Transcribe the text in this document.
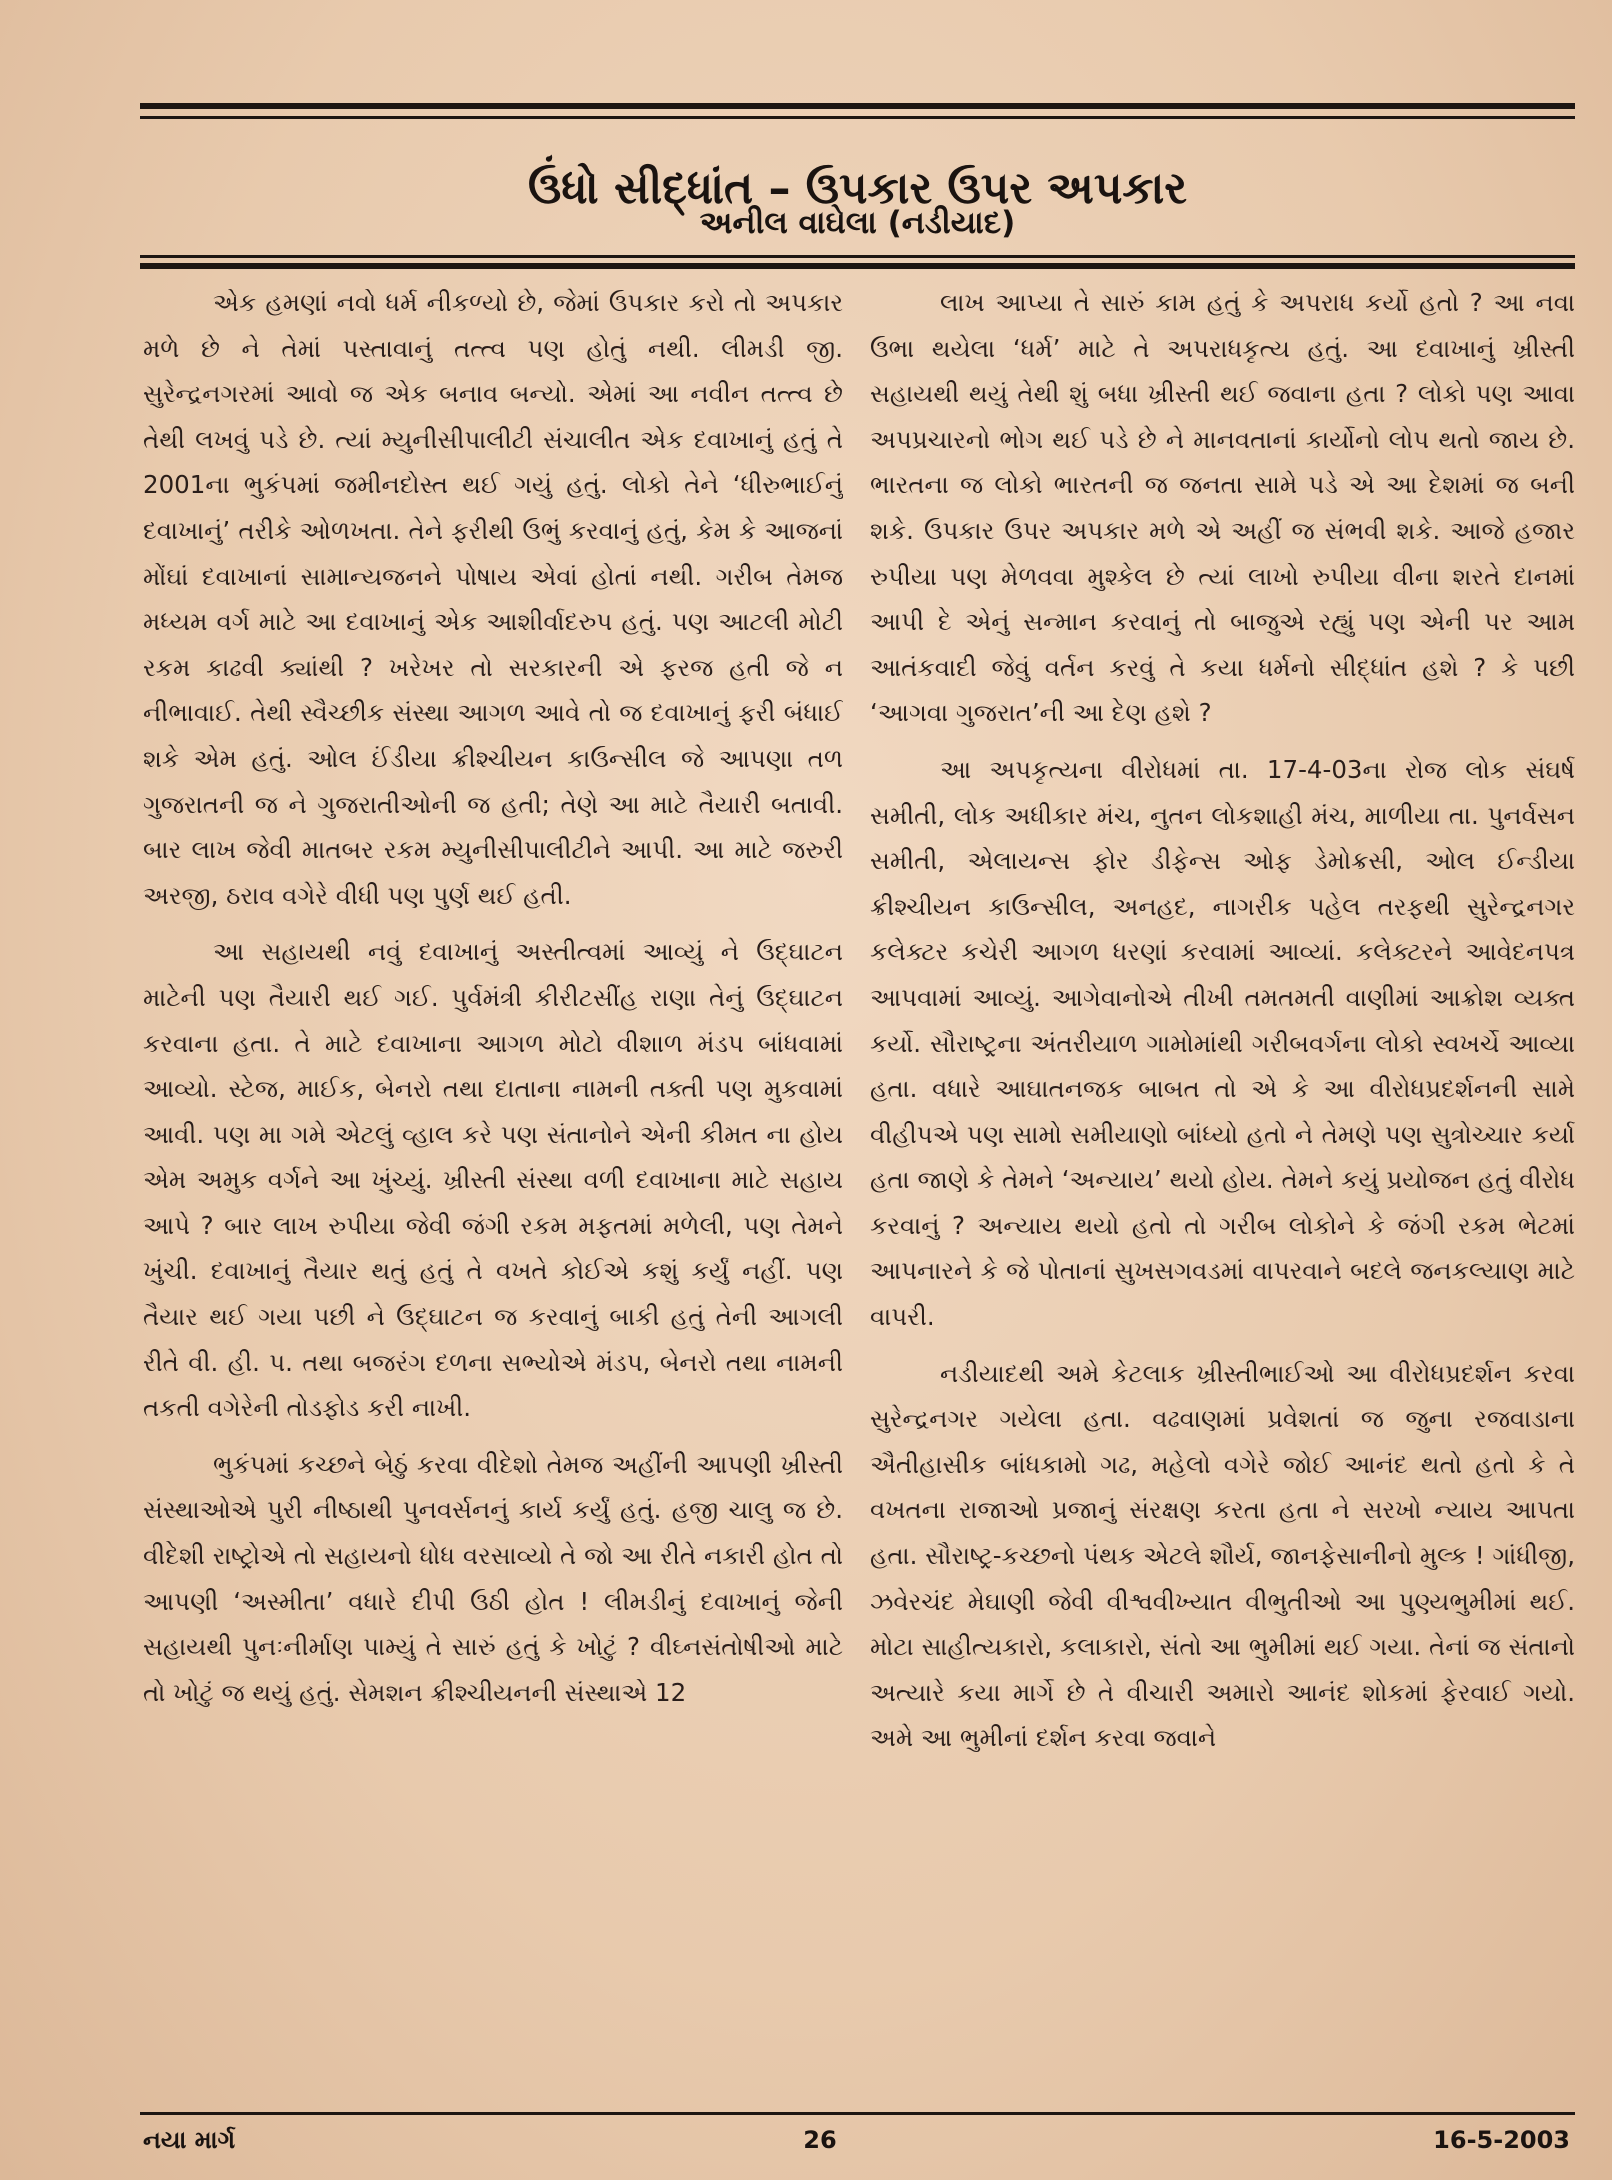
ઉંધો સીદ્ધાંત – ઉપકાર ઉપર અપકાર
અનીલ વાઘેલા (નડીયાદ)

એક હમણાં નવો ધર્મ નીકળ્યો છે, જેમાં ઉપકાર કરો તો અપકાર મળે છે ને તેમાં પસ્તાવાનું તત્ત્વ પણ હોતું નથી. લીમડી જી. સુરેન્દ્રનગરમાં આવો જ એક બનાવ બન્યો. એમાં આ નવીન તત્ત્વ છે તેથી લખવું પડે છે. ત્યાં મ્યુનીસીપાલીટી સંચાલીત એક દવાખાનું હતું તે 2001ના ભુકંપમાં જમીનદોસ્ત થઈ ગયું હતું. લોકો તેને ‘ધીરુભાઈનું દવાખાનું’ તરીકે ઓળખતા. તેને ફરીથી ઉભું કરવાનું હતું, કેમ કે આજનાં મોંઘાં દવાખાનાં સામાન્યજનને પોષાય એવાં હોતાં નથી. ગરીબ તેમજ મધ્યમ વર્ગ માટે આ દવાખાનું એક આશીર્વાદરુપ હતું. પણ આટલી મોટી રકમ કાઢવી ક્યાંથી ? ખરેખર તો સરકારની એ ફરજ હતી જે ન નીભાવાઈ. તેથી સ્વૈચ્છીક સંસ્થા આગળ આવે તો જ દવાખાનું ફરી બંધાઈ શકે એમ હતું. ઓલ ઈંડીયા ક્રીશ્ચીયન કાઉન્સીલ જે આપણા તળ ગુજરાતની જ ને ગુજરાતીઓની જ હતી; તેણે આ માટે તૈયારી બતાવી. બાર લાખ જેવી માતબર રકમ મ્યુનીસીપાલીટીને આપી. આ માટે જરુરી અરજી, ઠરાવ વગેરે વીધી પણ પુર્ણ થઈ હતી.

આ સહાયથી નવું દવાખાનું અસ્તીત્વમાં આવ્યું ને ઉદ્ઘાટન માટેની પણ તૈયારી થઈ ગઈ. પુર્વમંત્રી કીરીટસીંહ રાણા તેનું ઉદ્ઘાટન કરવાના હતા. તે માટે દવાખાના આગળ મોટો વીશાળ મંડપ બાંધવામાં આવ્યો. સ્ટેજ, માઈક, બેનરો તથા દાતાના નામની તક્તી પણ મુકવામાં આવી. પણ મા ગમે એટલું વ્હાલ કરે પણ સંતાનોને એની કીમત ના હોય એમ અમુક વર્ગને આ ખુંચ્યું. ખ્રીસ્તી સંસ્થા વળી દવાખાના માટે સહાય આપે ? બાર લાખ રુપીયા જેવી જંગી રકમ મફતમાં મળેલી, પણ તેમને ખુંચી. દવાખાનું તૈયાર થતું હતું તે વખતે કોઈએ કશું કર્યું નહીં. પણ તૈયાર થઈ ગયા પછી ને ઉદ્ઘાટન જ કરવાનું બાકી હતું તેની આગલી રીતે વી. હી. પ. તથા બજરંગ દળના સભ્યોએ મંડપ, બેનરો તથા નામની તકતી વગેરેની તોડફોડ કરી નાખી.

ભુકંપમાં કચ્છને બેઠું કરવા વીદેશો તેમજ અહીંની આપણી ખ્રીસ્તી સંસ્થાઓએ પુરી નીષ્ઠાથી પુનવર્સનનું કાર્ય કર્યું હતું. હજી ચાલુ જ છે. વીદેશી રાષ્ટ્રોએ તો સહાયનો ધોધ વરસાવ્યો તે જો આ રીતે નકારી હોત તો આપણી ‘અસ્મીતા’ વધારે દીપી ઉઠી હોત ! લીમડીનું દવાખાનું જેની સહાયથી પુનઃનીર્માણ પામ્યું તે સારું હતું કે ખોટું ? વીઘ્નસંતોષીઓ માટે તો ખોટું જ થયું હતું. સેમશન ક્રીશ્ચીયનની સંસ્થાએ 12

લાખ આપ્યા તે સારું કામ હતું કે અપરાધ કર્યો હતો ? આ નવા ઉભા થયેલા ‘ધર્મ’ માટે તે અપરાધકૃત્ય હતું. આ દવાખાનું ખ્રીસ્તી સહાયથી થયું તેથી શું બધા ખ્રીસ્તી થઈ જવાના હતા ? લોકો પણ આવા અપપ્રચારનો ભોગ થઈ પડે છે ને માનવતાનાં કાર્યોનો લોપ થતો જાય છે. ભારતના જ લોકો ભારતની જ જનતા સામે પડે એ આ દેશમાં જ બની શકે. ઉપકાર ઉપર અપકાર મળે એ અહીં જ સંભવી શકે. આજે હજાર રુપીયા પણ મેળવવા મુશ્કેલ છે ત્યાં લાખો રુપીયા વીના શરતે દાનમાં આપી દે એનું સન્માન કરવાનું તો બાજુએ રહ્યું પણ એની પર આમ આતંકવાદી જેવું વર્તન કરવું તે કયા ધર્મનો સીદ્ધાંત હશે ? કે પછી ‘આગવા ગુજરાત’ની આ દેણ હશે ?

આ અપકૃત્યના વીરોધમાં તા. 17-4-03ના રોજ લોક સંઘર્ષ સમીતી, લોક અધીકાર મંચ, નુતન લોકશાહી મંચ, માળીયા તા. પુનર્વસન સમીતી, એલાયન્સ ફોર ડીફેન્સ ઓફ ડેમોક્રસી, ઓલ ઈન્ડીયા ક્રીશ્ચીયન કાઉન્સીલ, અનહદ, નાગરીક પહેલ તરફથી સુરેન્દ્રનગર કલેક્ટર કચેરી આગળ ધરણાં કરવામાં આવ્યાં. કલેક્ટરને આવેદનપત્ર આપવામાં આવ્યું. આગેવાનોએ તીખી તમતમતી વાણીમાં આક્રોશ વ્યક્ત કર્યો. સૌરાષ્ટ્રના અંતરીયાળ ગામોમાંથી ગરીબવર્ગના લોકો સ્વખર્ચે આવ્યા હતા. વધારે આઘાતનજક બાબત તો એ કે આ વીરોધપ્રદર્શનની સામે વીહીપએ પણ સામો સમીયાણો બાંધ્યો હતો ને તેમણે પણ સુત્રોચ્ચાર કર્યા હતા જાણે કે તેમને ‘અન્યાય’ થયો હોય. તેમને કયું પ્રયોજન હતું વીરોધ કરવાનું ? અન્યાય થયો હતો તો ગરીબ લોકોને કે જંગી રકમ ભેટમાં આપનારને કે જે પોતાનાં સુખસગવડમાં વાપરવાને બદલે જનકલ્યાણ માટે વાપરી.

નડીયાદથી અમે કેટલાક ખ્રીસ્તીભાઈઓ આ વીરોધપ્રદર્શન કરવા સુરેન્દ્રનગર ગયેલા હતા. વઢવાણમાં પ્રવેશતાં જ જુના રજવાડાના ઐતીહાસીક બાંધકામો ગઢ, મહેલો વગેરે જોઈ આનંદ થતો હતો કે તે વખતના રાજાઓ પ્રજાનું સંરક્ષણ કરતા હતા ને સરખો ન્યાય આપતા હતા. સૌરાષ્ટ્ર-કચ્છનો પંથક એટલે શૌર્ય, જાનફેસાનીનો મુલ્ક ! ગાંધીજી, ઝવેરચંદ મેઘાણી જેવી વીશ્વવીખ્યાત વીભુતીઓ આ પુણ્યભુમીમાં થઈ. મોટા સાહીત્યકારો, કલાકારો, સંતો આ ભુમીમાં થઈ ગયા. તેનાં જ સંતાનો અત્યારે કયા માર્ગે છે તે વીચારી અમારો આનંદ શોકમાં ફેરવાઈ ગયો. અમે આ ભુમીનાં દર્શન કરવા જવાને

નયા માર્ગ	26	16-5-2003
